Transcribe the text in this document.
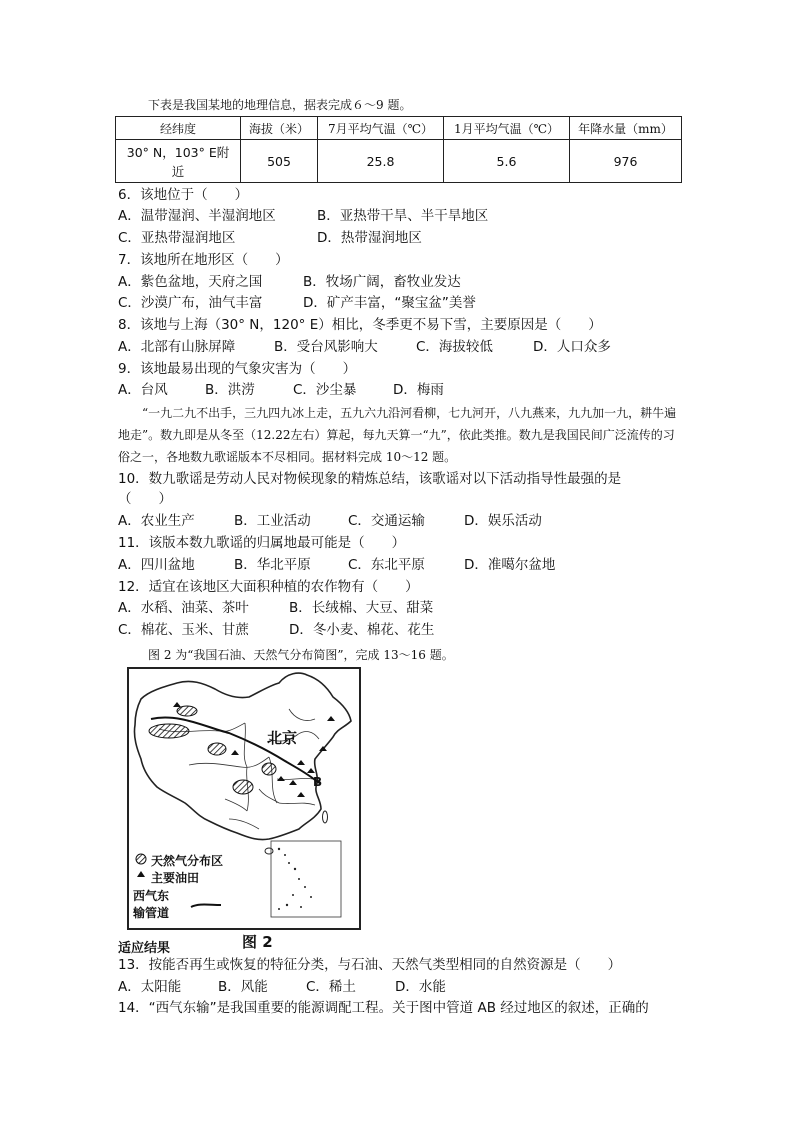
下表是我国某地的地理信息，据表完成６～9 题。
经纬度	海拔（米）	7月平均气温（℃）	1月平均气温（℃）	年降水量（mm）

30° N，103° E附
近	505	25.8	5.6	976
6．该地位于（　　）
A．温带湿润、半湿润地区	B．亚热带干旱、半干旱地区
C．亚热带湿润地区	D．热带湿润地区
7．该地所在地形区（　　）
A．紫色盆地，天府之国	B．牧场广阔，畜牧业发达
C．沙漠广布，油气丰富	D．矿产丰富，“聚宝盆”美誉
8．该地与上海（30° N，120° E）相比，冬季更不易下雪，主要原因是（　　）
A．北部有山脉屏障	B．受台风影响大	C．海拔较低	D．人口众多
9．该地最易出现的气象灾害为（　　）
A．台风	B．洪涝	C．沙尘暴	D．梅雨
“一九二九不出手，三九四九冰上走，五九六九沿河看柳，七九河开，八九燕来，九九加一九，耕牛遍地走”。数九即是从冬至（12.22左右）算起，每九天算一“九”，依此类推。数九是我国民间广泛流传的习俗之一，各地数九歌谣版本不尽相同。据材料完成 10～12 题。
10．数九歌谣是劳动人民对物候现象的精炼总结，该歌谣对以下活动指导性最强的是
（　　）
A．农业生产	B．工业活动	C．交通运输	D．娱乐活动
11．该版本数九歌谣的归属地最可能是（　　）
A．四川盆地	B．华北平原	C．东北平原	D．准噶尔盆地
12．适宜在该地区大面积种植的农作物有（　　）
A．水稻、油菜、茶叶	B．长绒棉、大豆、甜菜
C．棉花、玉米、甘蔗	D．冬小麦、棉花、花生
图 2 为“我国石油、天然气分布简图”，完成 13～16 题。
北京
B
天然气分布区
主要油田
西气东
输管道
图 2
适应结果
13．按能否再生或恢复的特征分类，与石油、天然气类型相同的自然资源是（　　）
A．太阳能	B．风能	C．稀土	D．水能
14．“西气东输”是我国重要的能源调配工程。关于图中管道 AB 经过地区的叙述，正确的
